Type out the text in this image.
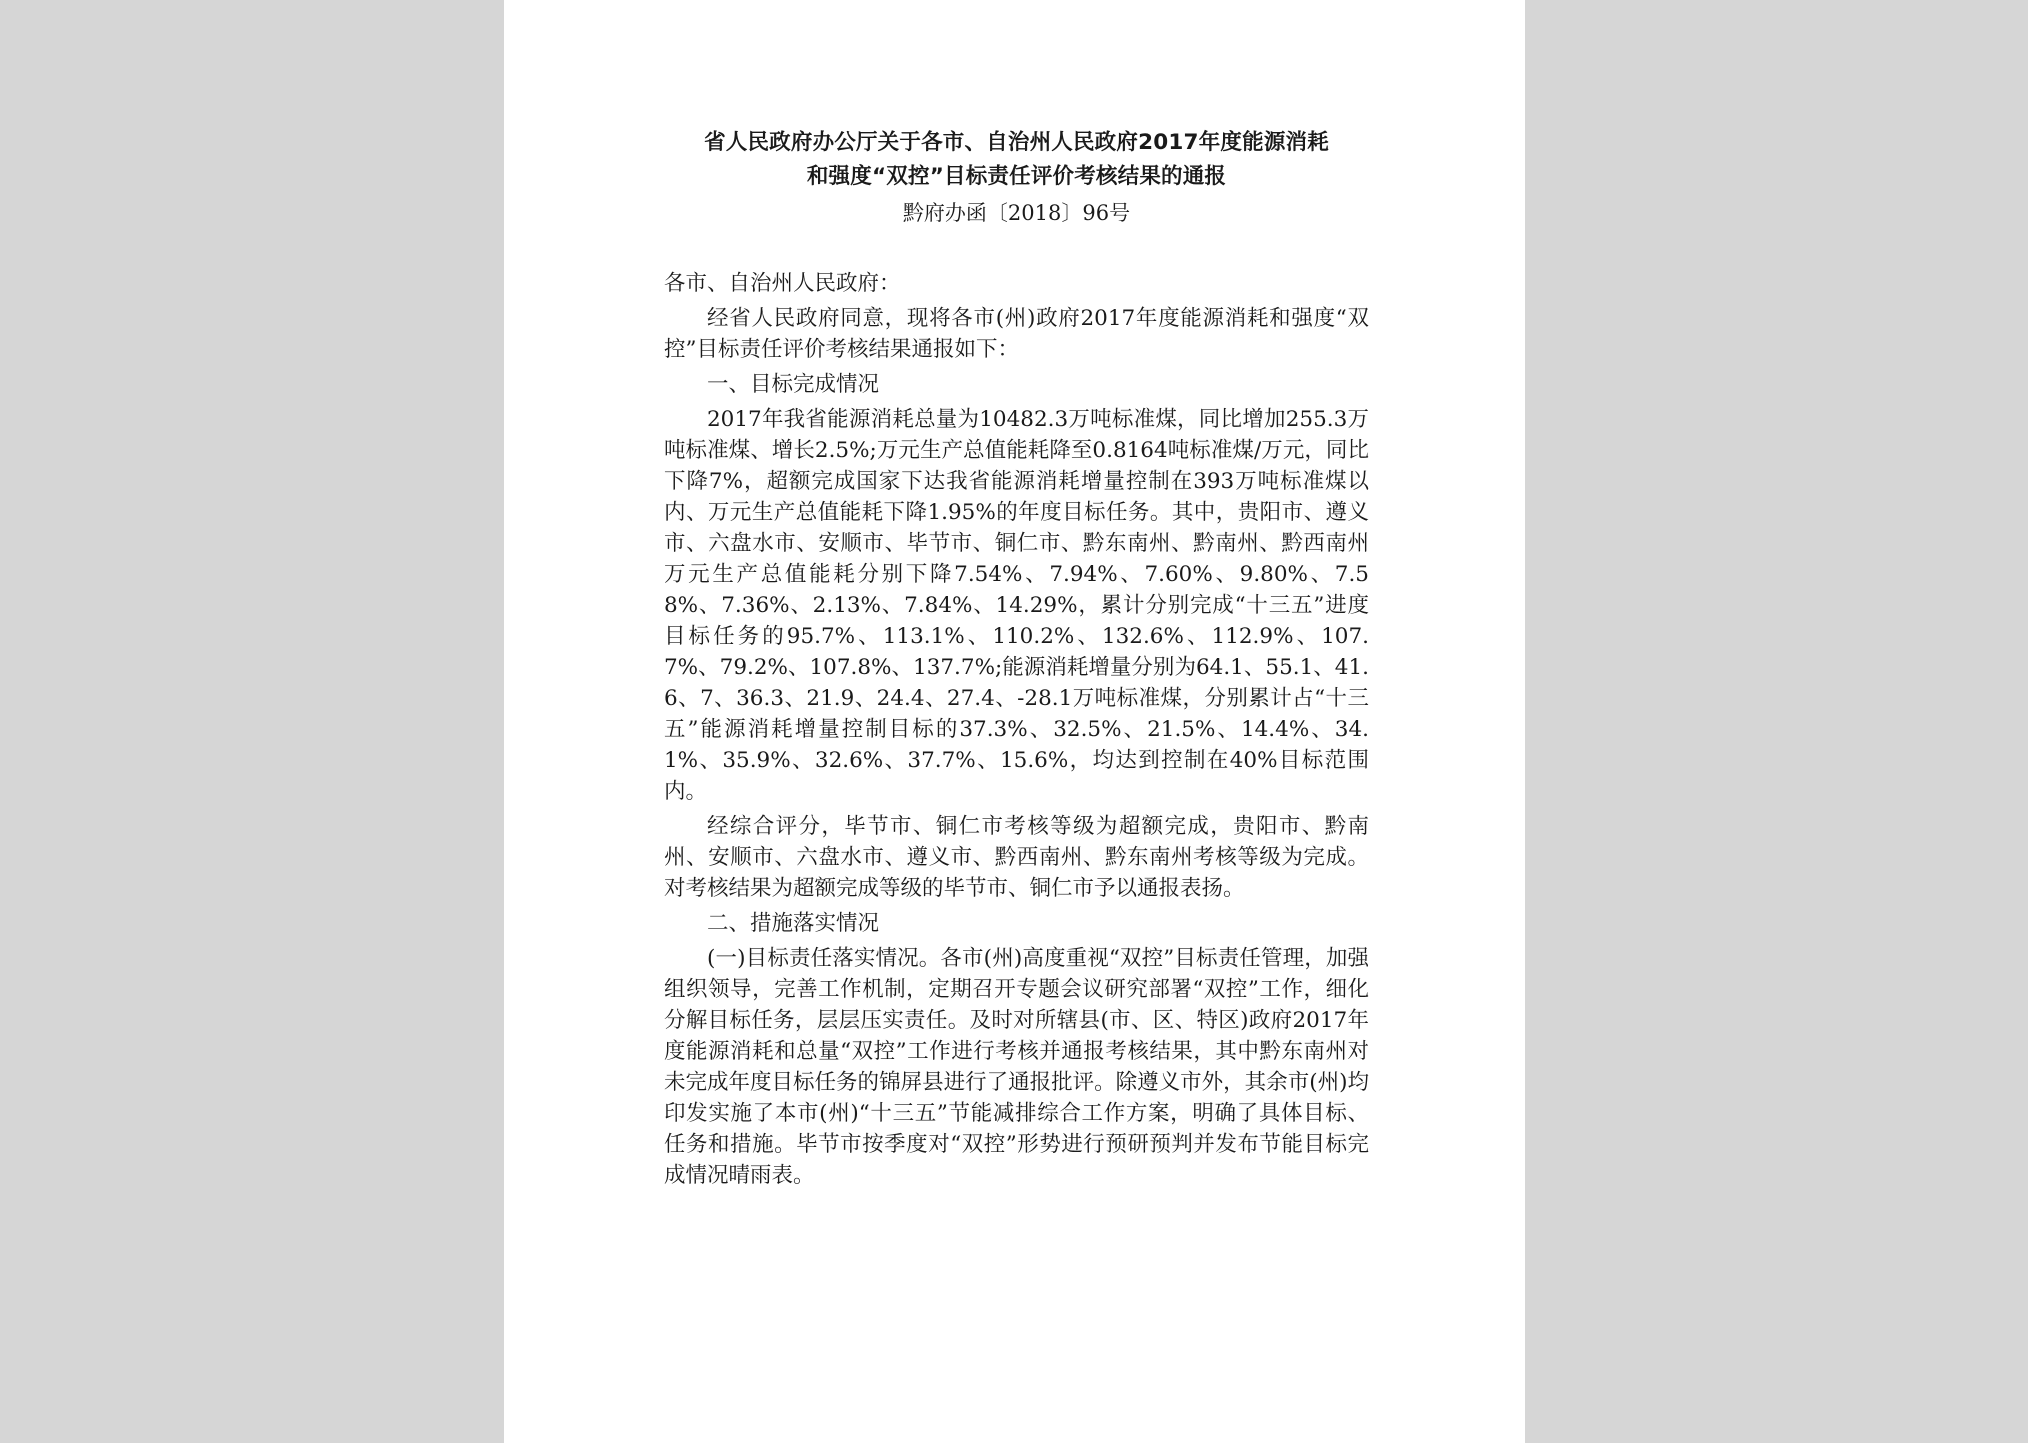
省人民政府办公厅关于各市、自治州人民政府2017年度能源消耗
和强度“双控”目标责任评价考核结果的通报
黔府办函〔2018〕96号

各市、自治州人民政府：

经省人民政府同意，现将各市(州)政府2017年度能源消耗和强度“双控”目标责任评价考核结果通报如下：

一、目标完成情况

2017年我省能源消耗总量为10482.3万吨标准煤，同比增加255.3万吨标准煤、增长2.5%;万元生产总值能耗降至0.8164吨标准煤/万元，同比下降7%，超额完成国家下达我省能源消耗增量控制在393万吨标准煤以内、万元生产总值能耗下降1.95%的年度目标任务。其中，贵阳市、遵义市、六盘水市、安顺市、毕节市、铜仁市、黔东南州、黔南州、黔西南州万元生产总值能耗分别下降7.54%、7.94%、7.60%、9.80%、7.58%、7.36%、2.13%、7.84%、14.29%，累计分别完成“十三五”进度目标任务的95.7%、113.1%、110.2%、132.6%、112.9%、107.7%、79.2%、107.8%、137.7%;能源消耗增量分别为64.1、55.1、41.6、7、36.3、21.9、24.4、27.4、-28.1万吨标准煤，分别累计占“十三五”能源消耗增量控制目标的37.3%、32.5%、21.5%、14.4%、34.1%、35.9%、32.6%、37.7%、15.6%，均达到控制在40%目标范围内。

经综合评分，毕节市、铜仁市考核等级为超额完成，贵阳市、黔南州、安顺市、六盘水市、遵义市、黔西南州、黔东南州考核等级为完成。对考核结果为超额完成等级的毕节市、铜仁市予以通报表扬。

二、措施落实情况

(一)目标责任落实情况。各市(州)高度重视“双控”目标责任管理，加强组织领导，完善工作机制，定期召开专题会议研究部署“双控”工作，细化分解目标任务，层层压实责任。及时对所辖县(市、区、特区)政府2017年度能源消耗和总量“双控”工作进行考核并通报考核结果，其中黔东南州对未完成年度目标任务的锦屏县进行了通报批评。除遵义市外，其余市(州)均印发实施了本市(州)“十三五”节能减排综合工作方案，明确了具体目标、任务和措施。毕节市按季度对“双控”形势进行预研预判并发布节能目标完成情况晴雨表。
